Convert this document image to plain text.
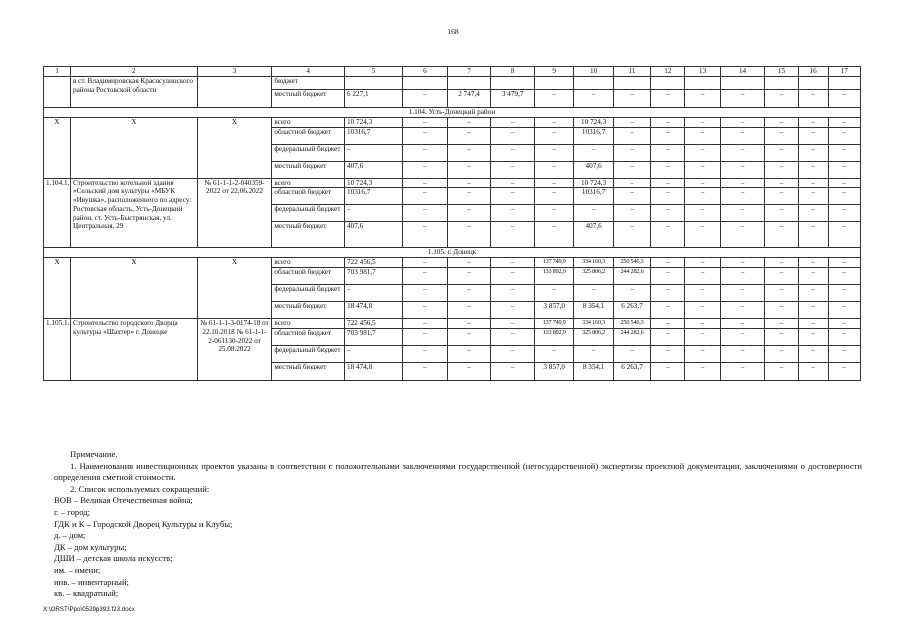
168
1	2	3	4	5	6	7	8	9	10	11	12	13	14	15	16	17
	в ст. Владимировская Краснсулинского района Ростовской области		бюджет													
			местный бюджет	6 227,1	–	2 747,4	3 479,7	–	–	–	–	–	–	–	–	–
1.104. Усть-Донецкий район																
X	X	X	всего	10 724,3	–	–	–	–	10 724,3	–	–	–	–	–	–	–
			областной бюджет	10316,7	–	–	–	–	10316,7	–	–	–	–	–	–	–
			федеральный бюджет	–	–	–	–	–	–	–	–	–	–	–	–	–
			местный бюджет	407,6	–	–	–	–	407,6	–	–	–	–	–	–	–
1.104.1.	Строительство котельной здания «Сельский дом культуры «МБУК «Ивушка», расположенного по адресу: Ростовская область, Усть-Донецкий район, ст. Усть-Быстрянская, ул. Центральная, 29	№ 61-1-1-2-040359-2022 от 22.06.2022	всего	10 724,3	–	–	–	–	10 724,3	–	–	–	–	–	–	–
			областной бюджет	10316,7	–	–	–	–	10316,7	–	–	–	–	–	–	–
			федеральный бюджет	–	–	–	–	–	–	–	–	–	–	–	–	–
			местный бюджет	407,6	–	–	–	–	407,6	–	–	–	–	–	–	–
1.105. г. Донецк																
X	X	X	всего	722 456,5	–	–	–	137 749,9	334 160,3	250 546,3	–	–	–	–	–	–
			областной бюджет	703 981,7	–	–	–	133 892,9	325 806,2	244 282,6	–	–	–	–	–	–
			федеральный бюджет	–	–	–	–	–	–	–	–	–	–	–	–	–
			местный бюджет	18 474,8	–	–	–	3 857,0	8 354,1	6 263,7	–	–	–	–	–	–
1.105.1.	Строительство городского Дворца культуры «Шахтер» г. Донецке	№ 61-1-1-3-0174-18 от 22.10.2018 № 61-1-1-2-061130-2022 от 25.08.2022	всего	722 456,5	–	–	–	137 749,9	334 160,3	250 546,3	–	–	–	–	–	–
			областной бюджет	703 981,7	–	–	–	133 892,9	325 806,2	244 282,6	–	–	–	–	–	–
			федеральный бюджет	–	–	–	–	–	–	–	–	–	–	–	–	–
			местный бюджет	18 474,8	–	–	–	3 857,0	8 354,1	6 263,7	–	–	–	–	–	–
Примечание.
1. Наименования инвестиционных проектов указаны в соответствии с положительными заключениями государственной (негосударственной) экспертизы проектной документации, заключениями о достоверности определения сметной стоимости.
2. Список используемых сокращений:
ВОВ – Великая Отечественная война;
г. – город;
ГДК и К – Городской Дворец Культуры и Клубы;
д. – дом;
ДК – дом культуры;
ДШИ – детская школа искусств;
им. – имени;
инв. – инвентарный;
кв. – квадратный;
X:\ORST\Ppo\0529p393.f23.docx
